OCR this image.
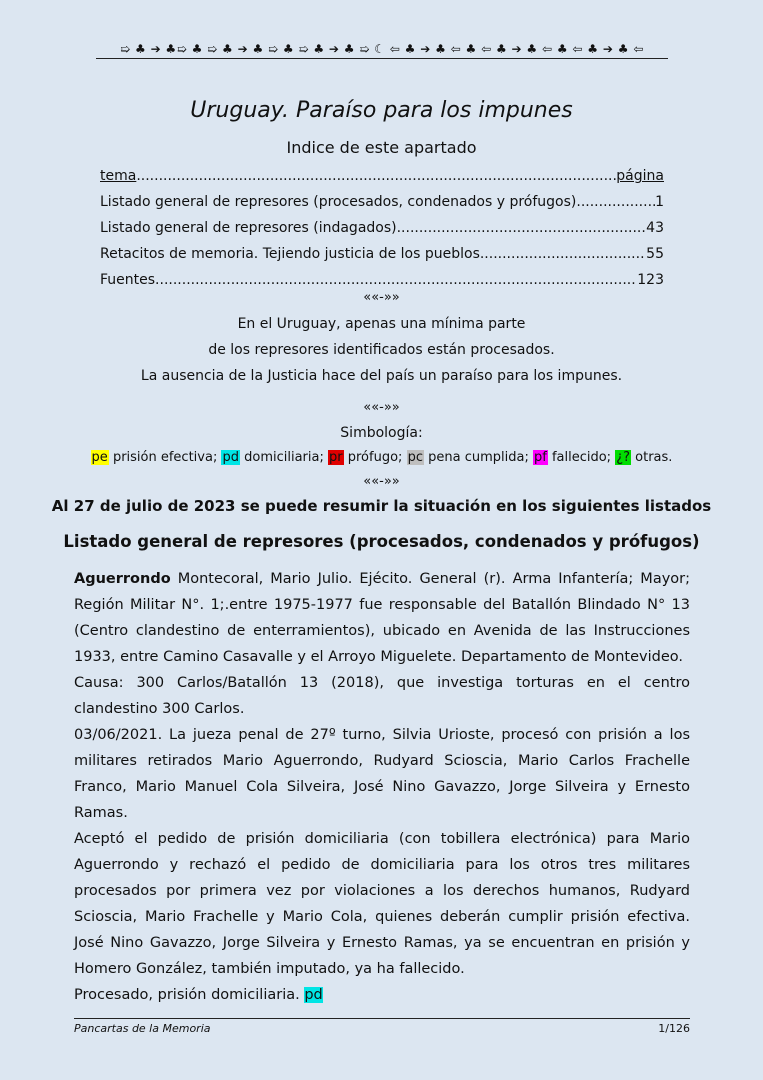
➯ ♣ ➔ ♣➯ ♣ ➯ ♣ ➔ ♣ ➯ ♣ ➯ ♣ ➔ ♣ ➯ ☾ ⇦ ♣ ➔ ♣ ⇦ ♣ ⇦ ♣ ➔ ♣ ⇦ ♣ ⇦ ♣ ➔ ♣ ⇦
Uruguay. Paraíso para los impunes
Indice de este apartado
tema .....	página
Listado general de represores (procesados, condenados y prófugos) .....	1
Listado general de represores (indagados) .....	43
Retacitos de memoria. Tejiendo justicia de los pueblos .....	55
Fuentes .....	123
««-»»
En el Uruguay, apenas una mínima parte
de los represores identificados están procesados.
La ausencia de la Justicia hace del país un paraíso para los impunes.
««-»»
Simbología:
pe prisión efectiva; pd domiciliaria; pr prófugo; pc pena cumplida; pf fallecido; ¿? otras.
««-»»
Al 27 de julio de 2023 se puede resumir la situación en los siguientes listados
Listado general de represores (procesados, condenados y prófugos)

Aguerrondo Montecoral, Mario Julio. Ejécito. General (r). Arma Infantería; Mayor; Región Militar N°. 1;.entre 1975-1977 fue responsable del Batallón Blindado N° 13 (Centro clandestino de enterramientos), ubicado en Avenida de las Instrucciones 1933, entre Camino Casavalle y el Arroyo Miguelete. Departamento de Montevideo.

Causa: 300 Carlos/Batallón 13 (2018), que investiga torturas en el centro clandestino 300 Carlos.

03/06/2021. La jueza penal de 27º turno, Silvia Urioste, procesó con prisión a los militares retirados Mario Aguerrondo, Rudyard Scioscia, Mario Carlos Frachelle Franco, Mario Manuel Cola Silveira, José Nino Gavazzo, Jorge Silveira y Ernesto Ramas.

Aceptó el pedido de prisión domiciliaria (con tobillera electrónica) para Mario Aguerrondo y rechazó el pedido de domiciliaria para los otros tres militares procesados por primera vez por violaciones a los derechos humanos, Rudyard Scioscia, Mario Frachelle y Mario Cola, quienes deberán cumplir prisión efectiva. José Nino Gavazzo, Jorge Silveira y Ernesto Ramas, ya se encuentran en prisión y Homero González, también imputado, ya ha fallecido.

Procesado, prisión domiciliaria. pd

Pancartas de la Memoria	1/126
